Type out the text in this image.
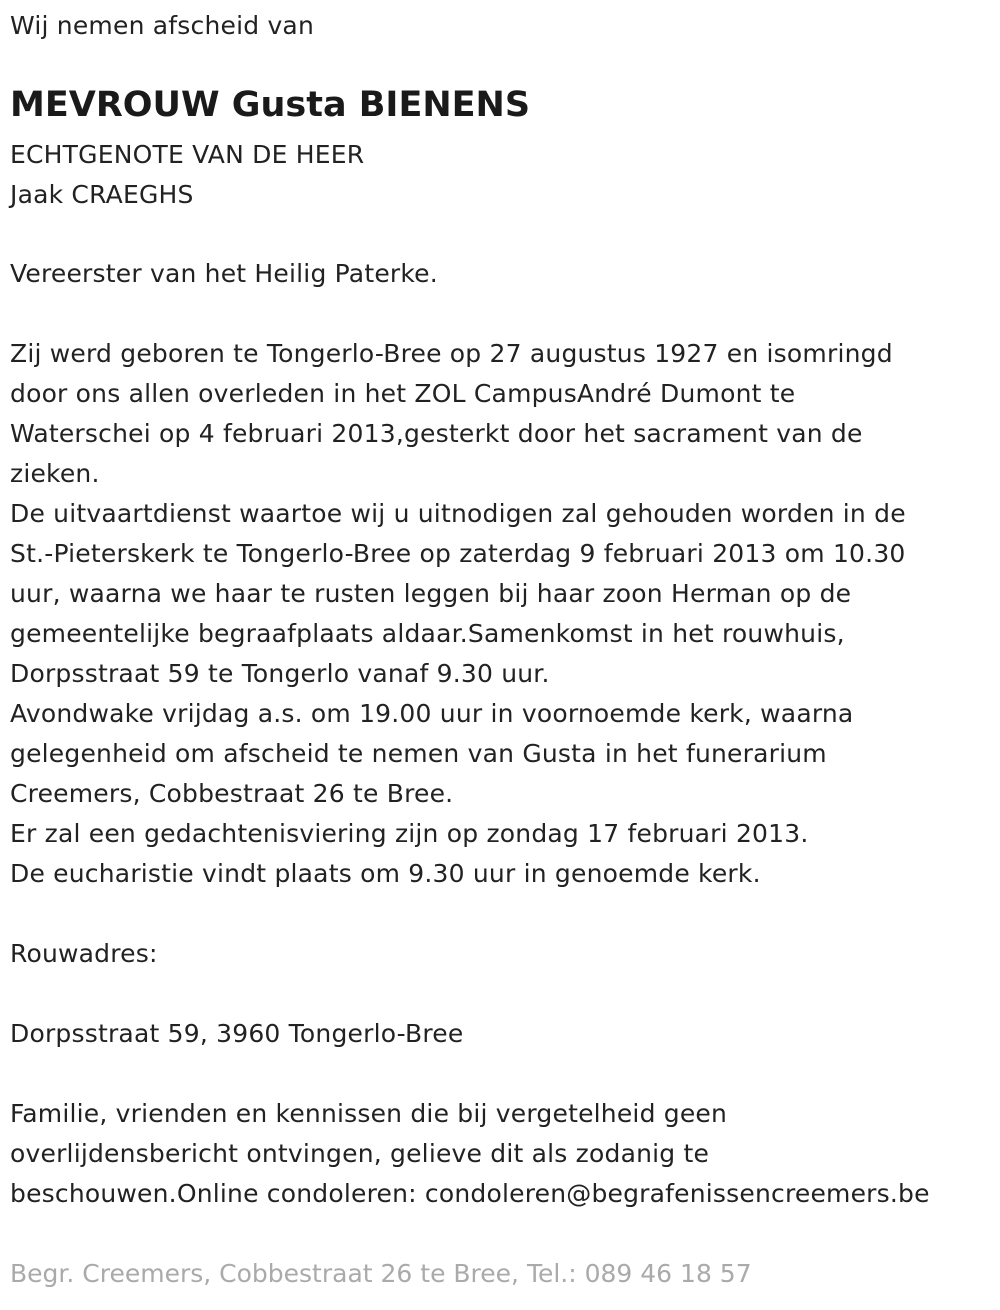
Wij nemen afscheid van
MEVROUW Gusta BIENENS
ECHTGENOTE VAN DE HEER
Jaak CRAEGHS
Vereerster van het Heilig Paterke.
Zij werd geboren te Tongerlo-Bree op 27 augustus 1927 en isomringd
door ons allen overleden in het ZOL CampusAndré Dumont te
Waterschei op 4 februari 2013,gesterkt door het sacrament van de
zieken.
De uitvaartdienst waartoe wij u uitnodigen zal gehouden worden in de
St.-Pieterskerk te Tongerlo-Bree op zaterdag 9 februari 2013 om 10.30
uur, waarna we haar te rusten leggen bij haar zoon Herman op de
gemeentelijke begraafplaats aldaar.Samenkomst in het rouwhuis,
Dorpsstraat 59 te Tongerlo vanaf 9.30 uur.
Avondwake vrijdag a.s. om 19.00 uur in voornoemde kerk, waarna
gelegenheid om afscheid te nemen van Gusta in het funerarium
Creemers, Cobbestraat 26 te Bree.
Er zal een gedachtenisviering zijn op zondag 17 februari 2013.
De eucharistie vindt plaats om 9.30 uur in genoemde kerk.
Rouwadres:
Dorpsstraat 59, 3960 Tongerlo-Bree
Familie, vrienden en kennissen die bij vergetelheid geen
overlijdensbericht ontvingen, gelieve dit als zodanig te
beschouwen.Online condoleren: condoleren@begrafenissencreemers.be
Begr. Creemers, Cobbestraat 26 te Bree, Tel.: 089 46 18 57
